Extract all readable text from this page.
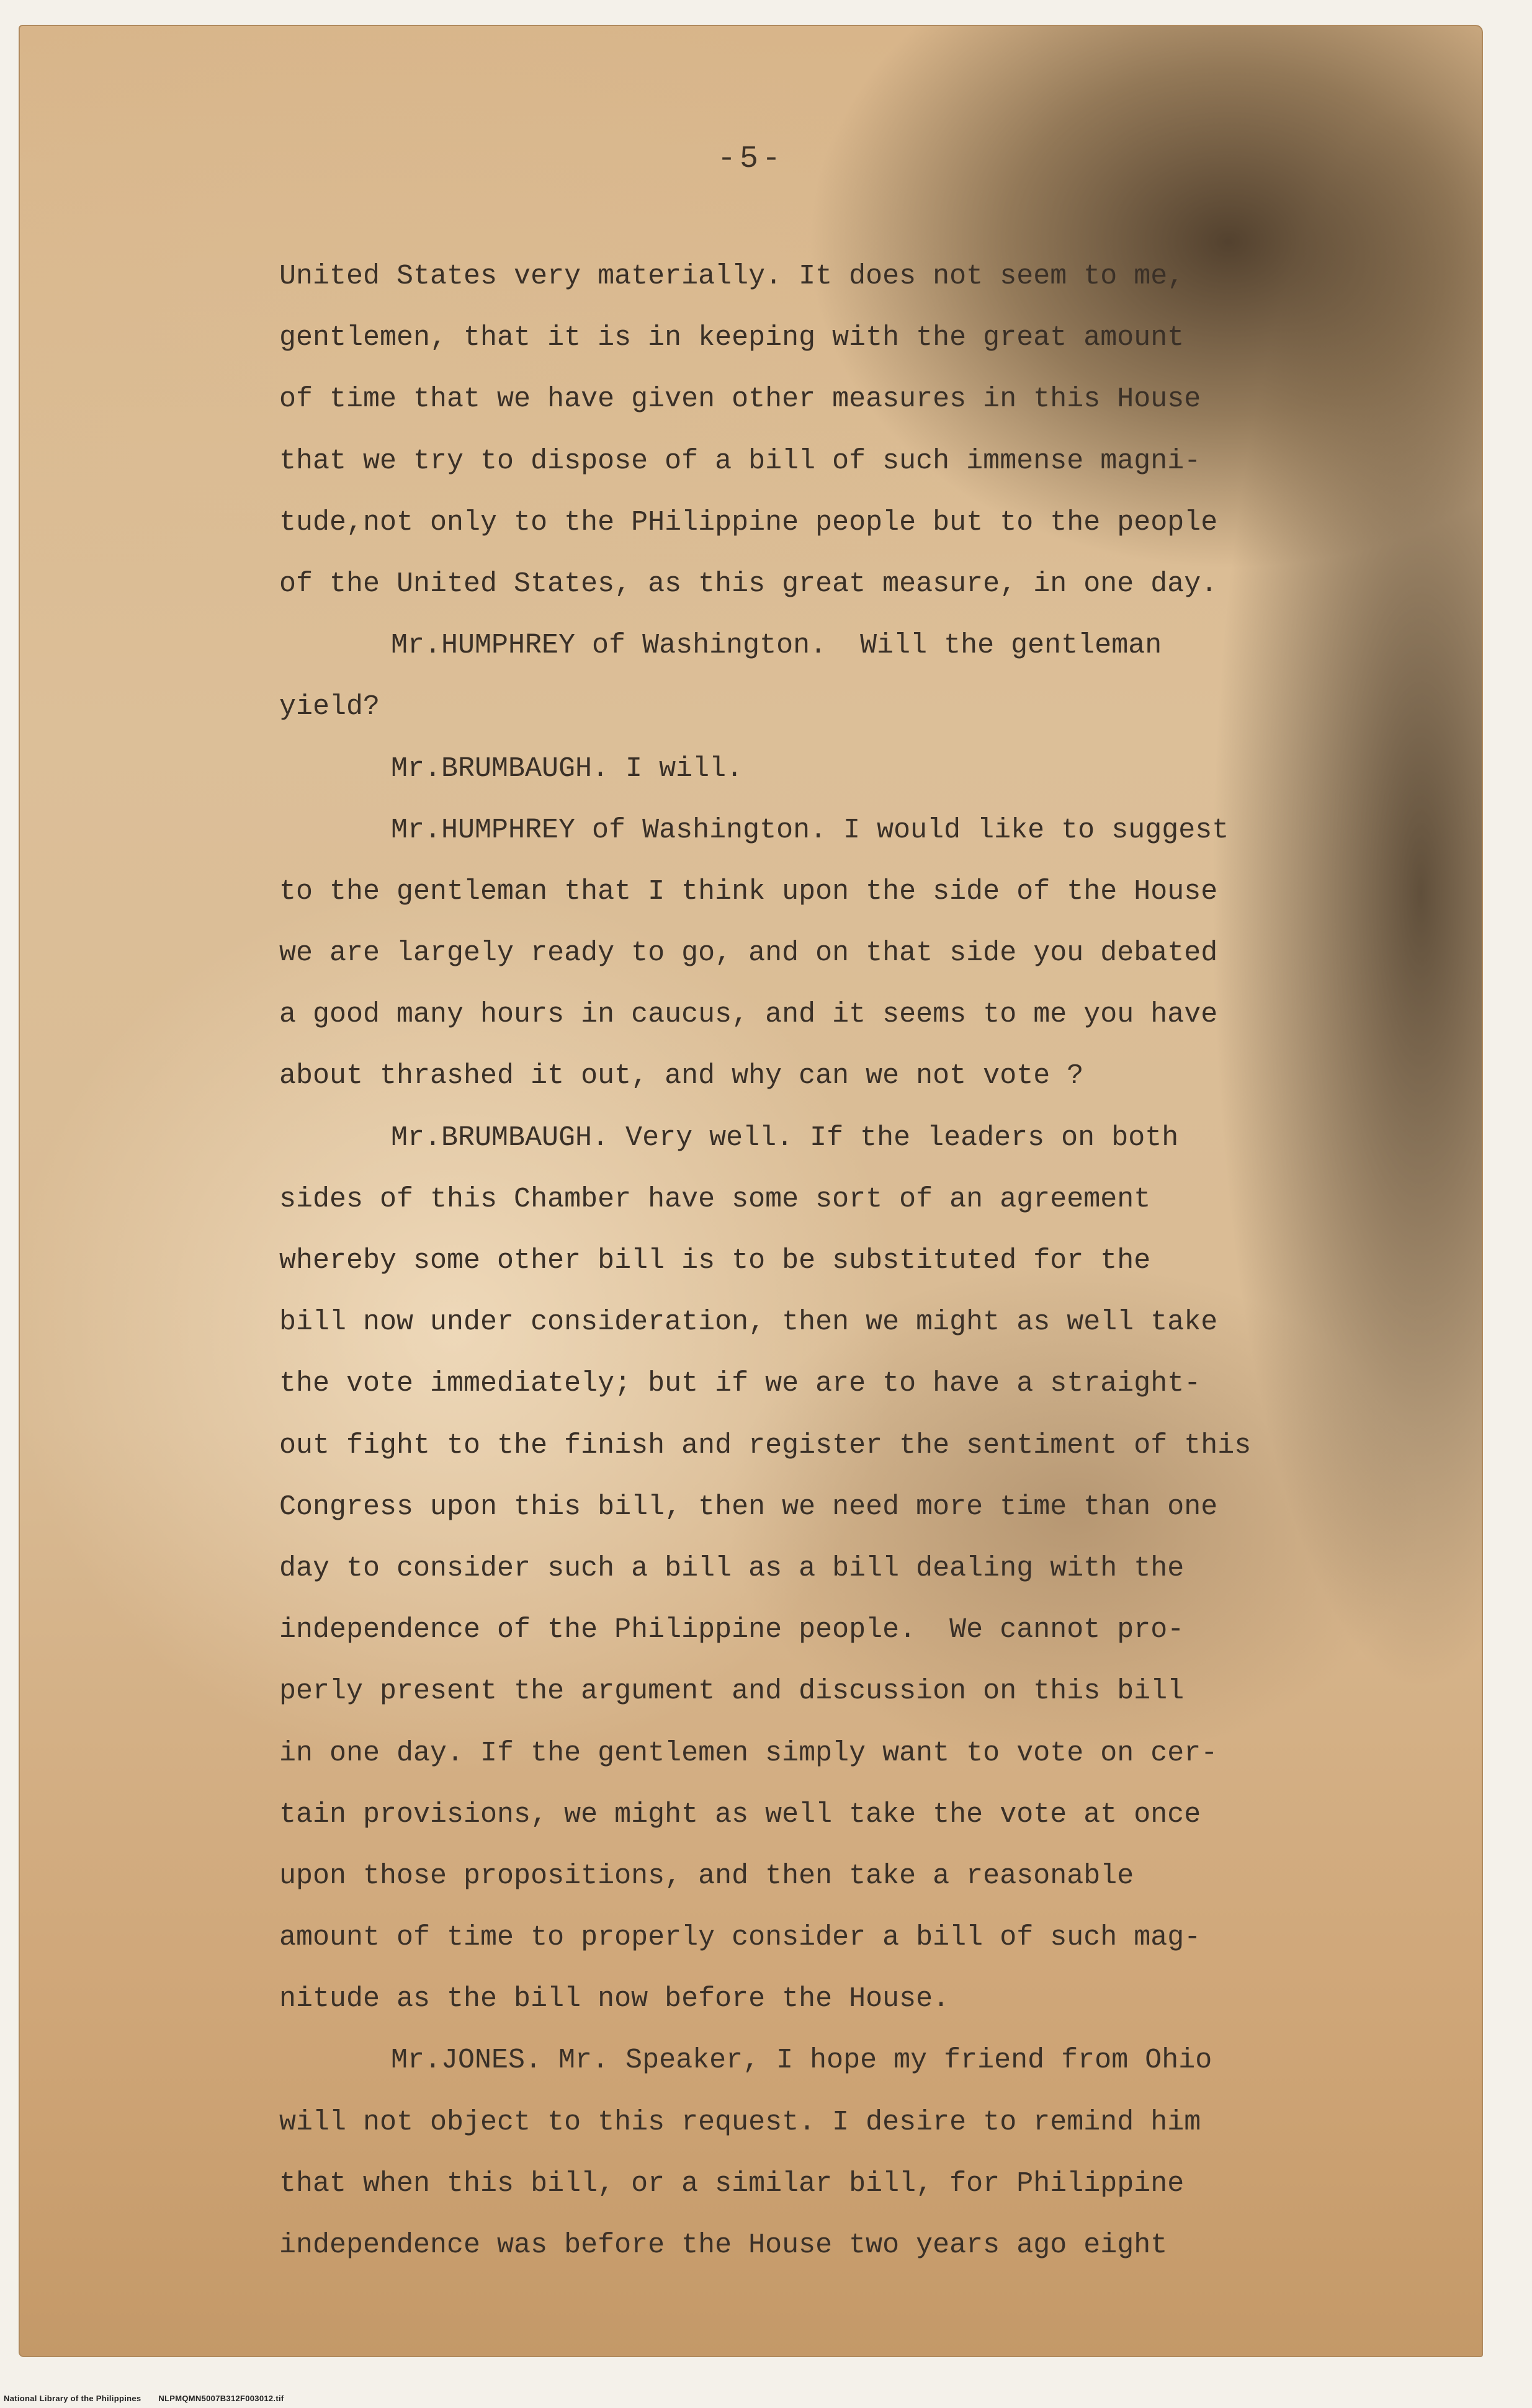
-5-
United States very materially. It does not seem to me,
gentlemen, that it is in keeping with the great amount
of time that we have given other measures in this House
that we try to dispose of a bill of such immense magni-
tude,not only to the PHilippine people but to the people
of the United States, as this great measure, in one day.
Mr.HUMPHREY of Washington.  Will the gentleman
yield?
Mr.BRUMBAUGH. I will.
Mr.HUMPHREY of Washington. I would like to suggest
to the gentleman that I think upon the side of the House
we are largely ready to go, and on that side you debated
a good many hours in caucus, and it seems to me you have
about thrashed it out, and why can we not vote ?
Mr.BRUMBAUGH. Very well. If the leaders on both
sides of this Chamber have some sort of an agreement
whereby some other bill is to be substituted for the
bill now under consideration, then we might as well take
the vote immediately; but if we are to have a straight-
out fight to the finish and register the sentiment of this
Congress upon this bill, then we need more time than one
day to consider such a bill as a bill dealing with the
independence of the Philippine people.  We cannot pro-
perly present the argument and discussion on this bill
in one day. If the gentlemen simply want to vote on cer-
tain provisions, we might as well take the vote at once
upon those propositions, and then take a reasonable
amount of time to properly consider a bill of such mag-
nitude as the bill now before the House.
Mr.JONES. Mr. Speaker, I hope my friend from Ohio
will not object to this request. I desire to remind him
that when this bill, or a similar bill, for Philippine
independence was before the House two years ago eight
National Library of the Philippines NLPMQMN5007B312F003012.tif
